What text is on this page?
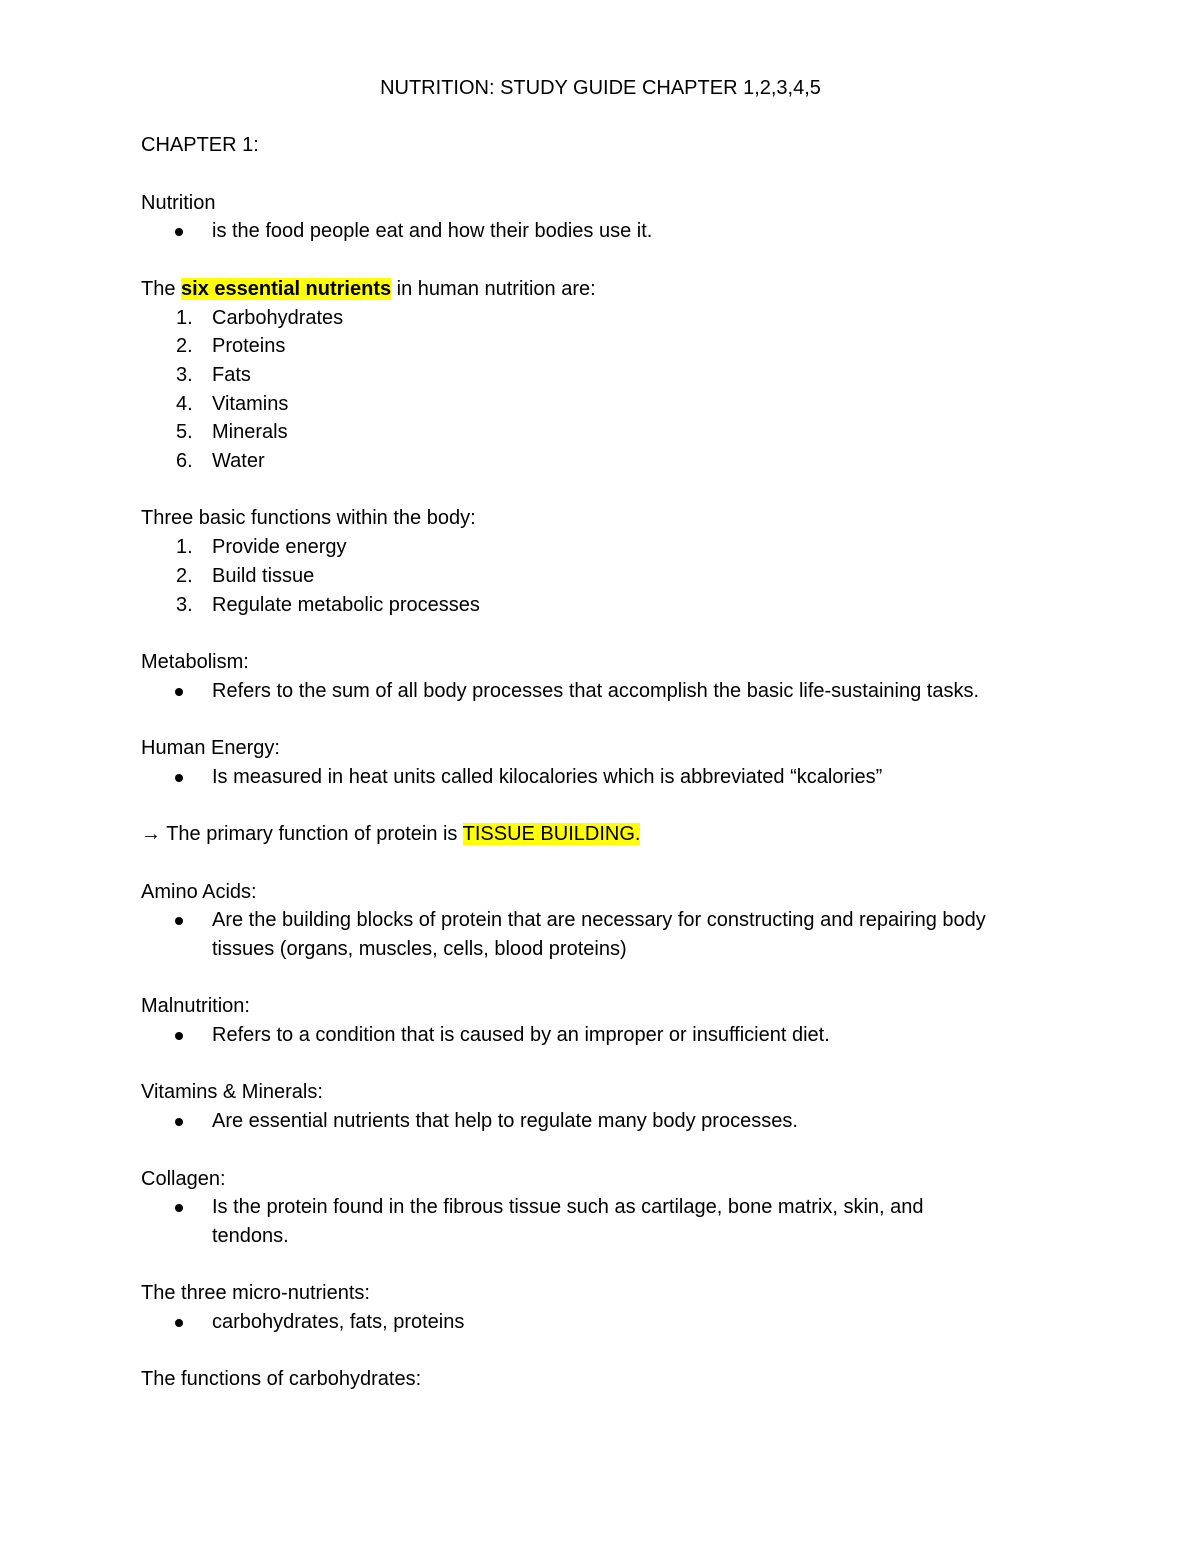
NUTRITION: STUDY GUIDE CHAPTER 1,2,3,4,5

CHAPTER 1:

Nutrition

is the food people eat and how their bodies use it.

The six essential nutrients in human nutrition are:

1. Carbohydrates
2. Proteins
3. Fats
4. Vitamins
5. Minerals
6. Water

Three basic functions within the body:

1. Provide energy
2. Build tissue
3. Regulate metabolic processes

Metabolism:

Refers to the sum of all body processes that accomplish the basic life-sustaining tasks.

Human Energy:

Is measured in heat units called kilocalories which is abbreviated “kcalories”

→ The primary function of protein is TISSUE BUILDING.

Amino Acids:

Are the building blocks of protein that are necessary for constructing and repairing body
tissues (organs, muscles, cells, blood proteins)

Malnutrition:

Refers to a condition that is caused by an improper or insufficient diet.

Vitamins & Minerals:

Are essential nutrients that help to regulate many body processes.

Collagen:

Is the protein found in the fibrous tissue such as cartilage, bone matrix, skin, and
tendons.

The three micro-nutrients:

carbohydrates, fats, proteins

The functions of carbohydrates:
